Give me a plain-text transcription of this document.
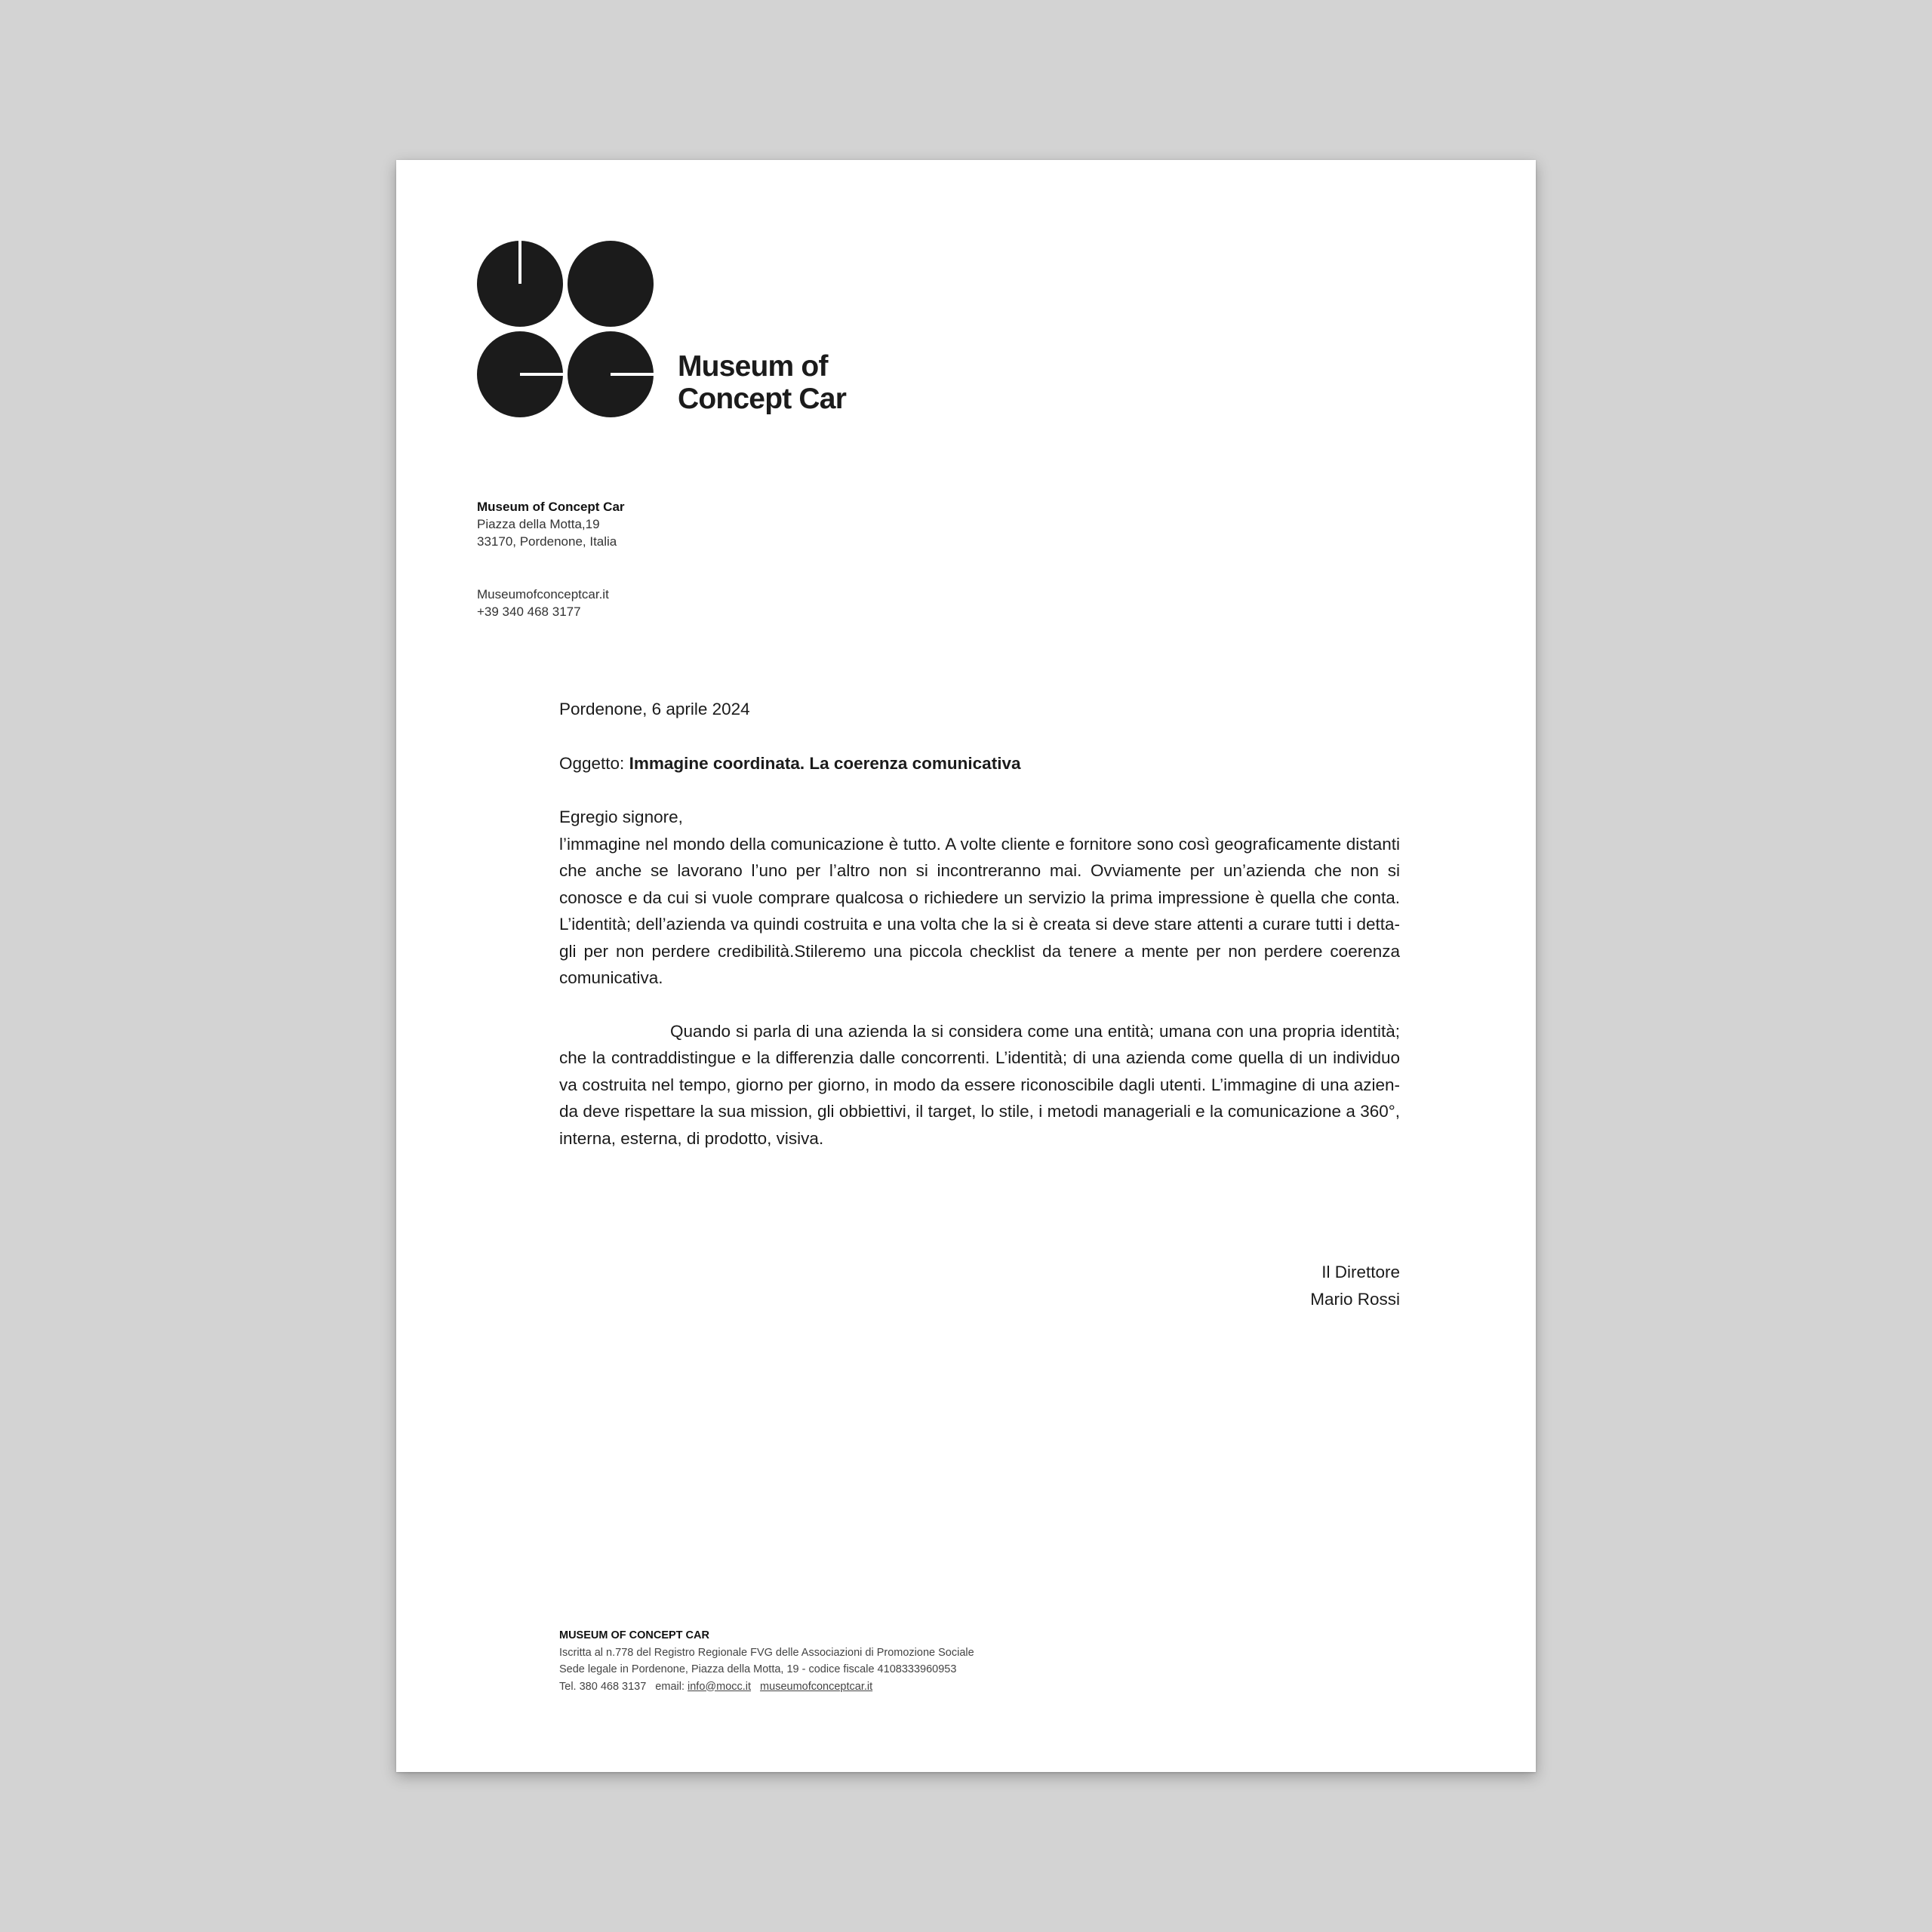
Museum of
Concept Car
Museum of Concept Car
Piazza della Motta,19
33170, Pordenone, Italia
Museumofconceptcar.it
+39 340 468 3177

Pordenone, 6 aprile 2024

Oggetto: Immagine coordinata. La coerenza comunicativa

Egregio signore,

l’immagine nel mondo della comunicazione è tutto. A volte cliente e fornitore sono così geograficamente distanti che anche se lavorano l’uno per l’altro non si incontreranno mai. Ovviamente per un’azienda che non si conosce e da cui si vuole comprare qualcosa o richiedere un servizio la prima impressione è quella che conta. L’identità; dell’azienda va quindi costruita e una volta che la si è creata si deve stare attenti a curare tutti i detta-gli per non perdere credibilità.Stileremo una piccola checklist da tenere a mente per non perdere coerenza comunicativa.

Quando si parla di una azienda la si considera come una entità; umana con una propria identità; che la contraddistingue e la differenzia dalle concorrenti. L’identità; di una azienda come quella di un individuo va costruita nel tempo, giorno per giorno, in modo da essere riconoscibile dagli utenti. L’immagine di una azien-da deve rispettare la sua mission, gli obbiettivi, il target, lo stile, i metodi manageriali e la comunicazione a 360°, interna, esterna, di prodotto, visiva.

Il Direttore
Mario Rossi
MUSEUM OF CONCEPT CAR
Iscritta al n.778 del Registro Regionale FVG delle Associazioni di Promozione Sociale
Sede legale in Pordenone, Piazza della Motta, 19 - codice fiscale 4108333960953
Tel. 380 468 3137 email: info@mocc.it museumofconceptcar.it
